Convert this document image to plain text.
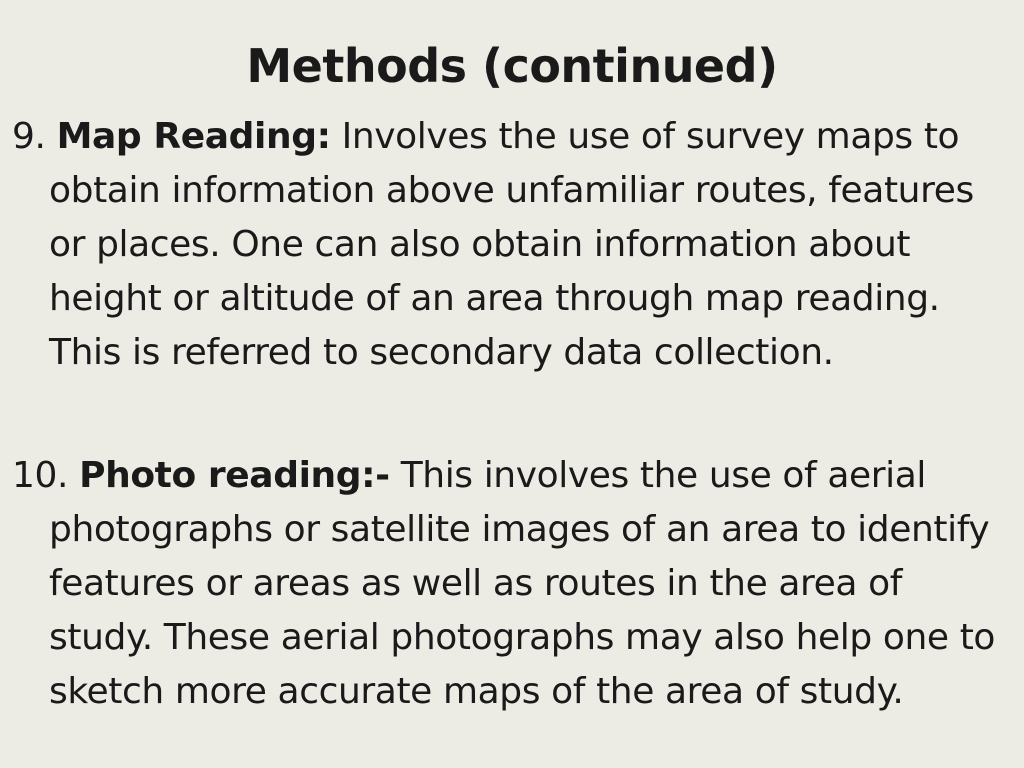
Methods (continued)
9. Map Reading: Involves the use of survey maps to obtain information above unfamiliar routes, features or places. One can also obtain information about height or altitude of an area through map reading. This is referred to secondary data collection.
10. Photo reading:- This involves the use of aerial photographs or satellite images of an area to identify features or areas as well as routes in the area of study. These aerial photographs may also help one to sketch more accurate maps of the area of study.
